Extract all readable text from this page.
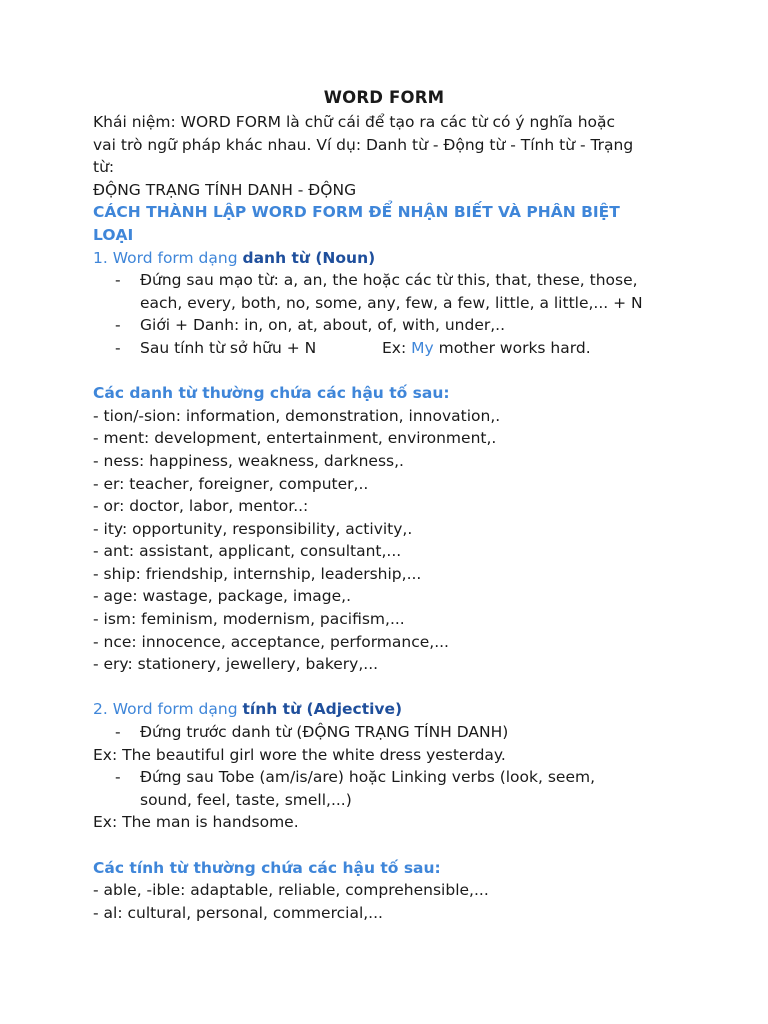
WORD FORM
Khái niệm: WORD FORM là chữ cái để tạo ra các từ có ý nghĩa hoặc
vai trò ngữ pháp khác nhau. Ví dụ: Danh từ - Động từ - Tính từ - Trạng
từ:
ĐỘNG TRẠNG TÍNH DANH - ĐỘNG
CÁCH THÀNH LẬP WORD FORM ĐỂ NHẬN BIẾT VÀ PHÂN BIỆT
LOẠI
1. Word form dạng danh từ (Noun)
- Đứng sau mạo từ: a, an, the hoặc các từ this, that, these, those,
each, every, both, no, some, any, few, a few, little, a little,... + N
- Giới + Danh: in, on, at, about, of, with, under,..
- Sau tính từ sở hữu + N	Ex: My mother works hard.
Các danh từ thường chứa các hậu tố sau:
- tion/-sion: information, demonstration, innovation,.
- ment: development, entertainment, environment,.
- ness: happiness, weakness, darkness,.
- er: teacher, foreigner, computer,..
- or: doctor, labor, mentor..:
- ity: opportunity, responsibility, activity,.
- ant: assistant, applicant, consultant,...
- ship: friendship, internship, leadership,...
- age: wastage, package, image,.
- ism: feminism, modernism, pacifism,...
- nce: innocence, acceptance, performance,...
- ery: stationery, jewellery, bakery,...
2. Word form dạng tính từ (Adjective)
- Đứng trước danh từ (ĐỘNG TRẠNG TÍNH DANH)
Ex: The beautiful girl wore the white dress yesterday.
- Đứng sau Tobe (am/is/are) hoặc Linking verbs (look, seem,
sound, feel, taste, smell,...)
Ex: The man is handsome.
Các tính từ thường chứa các hậu tố sau:
- able, -ible: adaptable, reliable, comprehensible,...
- al: cultural, personal, commercial,...
